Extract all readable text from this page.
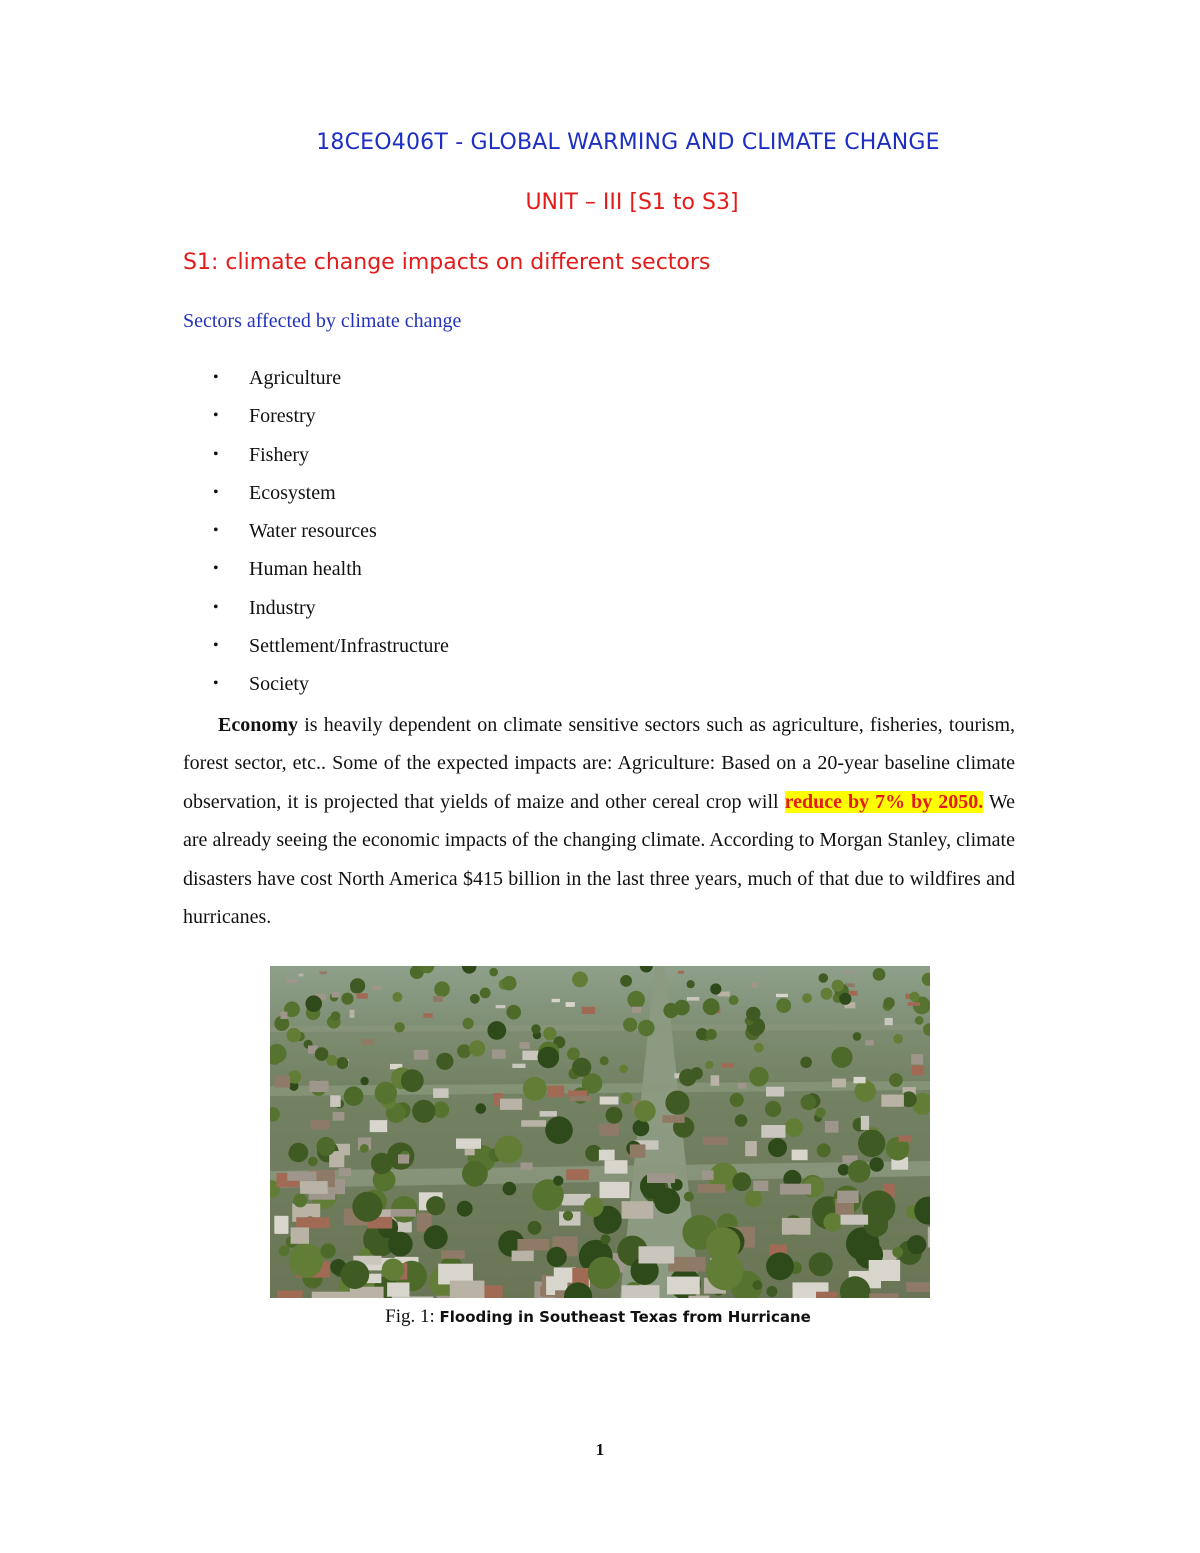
18CEO406T - GLOBAL WARMING AND CLIMATE CHANGE
UNIT – III [S1 to S3]
S1: climate change impacts on different sectors
Sectors affected by climate change
•	Agriculture
•	Forestry
•	Fishery
•	Ecosystem
•	Water resources
•	Human health
•	Industry
•	Settlement/Infrastructure
•	Society
Economy is heavily dependent on climate sensitive sectors such as agriculture, fisheries, tourism, forest sector, etc.. Some of the expected impacts are: Agriculture: Based on a 20-year baseline climate observation, it is projected that yields of maize and other cereal crop will reduce by 7% by 2050. We are already seeing the economic impacts of the changing climate. According to Morgan Stanley, climate disasters have cost North America $415 billion in the last three years, much of that due to wildfires and hurricanes.
Fig. 1: Flooding in Southeast Texas from Hurricane
1
